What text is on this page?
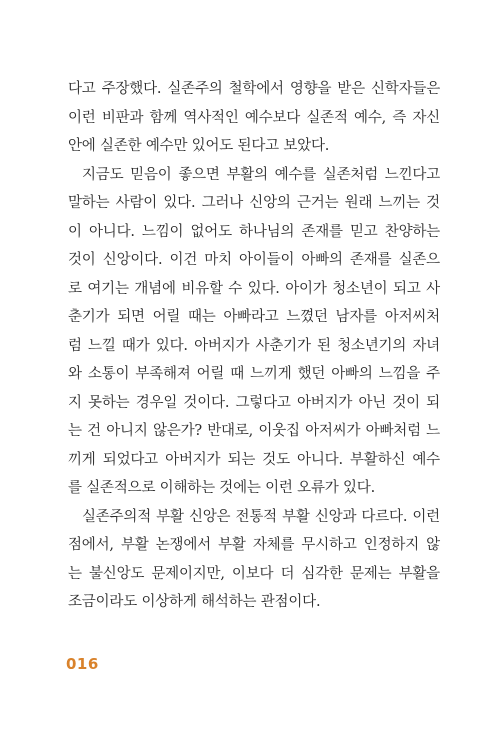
다고 주장했다. 실존주의 철학에서 영향을 받은 신학자들은
이런 비판과 함께 역사적인 예수보다 실존적 예수, 즉 자신
안에 실존한 예수만 있어도 된다고 보았다.
지금도 믿음이 좋으면 부활의 예수를 실존처럼 느낀다고
말하는 사람이 있다. 그러나 신앙의 근거는 원래 느끼는 것
이 아니다. 느낌이 없어도 하나님의 존재를 믿고 찬양하는
것이 신앙이다. 이건 마치 아이들이 아빠의 존재를 실존으
로 여기는 개념에 비유할 수 있다. 아이가 청소년이 되고 사
춘기가 되면 어릴 때는 아빠라고 느꼈던 남자를 아저씨처
럼 느낄 때가 있다. 아버지가 사춘기가 된 청소년기의 자녀
와 소통이 부족해져 어릴 때 느끼게 했던 아빠의 느낌을 주
지 못하는 경우일 것이다. 그렇다고 아버지가 아닌 것이 되
는 건 아니지 않은가? 반대로, 이웃집 아저씨가 아빠처럼 느
끼게 되었다고 아버지가 되는 것도 아니다. 부활하신 예수
를 실존적으로 이해하는 것에는 이런 오류가 있다.
실존주의적 부활 신앙은 전통적 부활 신앙과 다르다. 이런
점에서, 부활 논쟁에서 부활 자체를 무시하고 인정하지 않
는 불신앙도 문제이지만, 이보다 더 심각한 문제는 부활을
조금이라도 이상하게 해석하는 관점이다.
016
